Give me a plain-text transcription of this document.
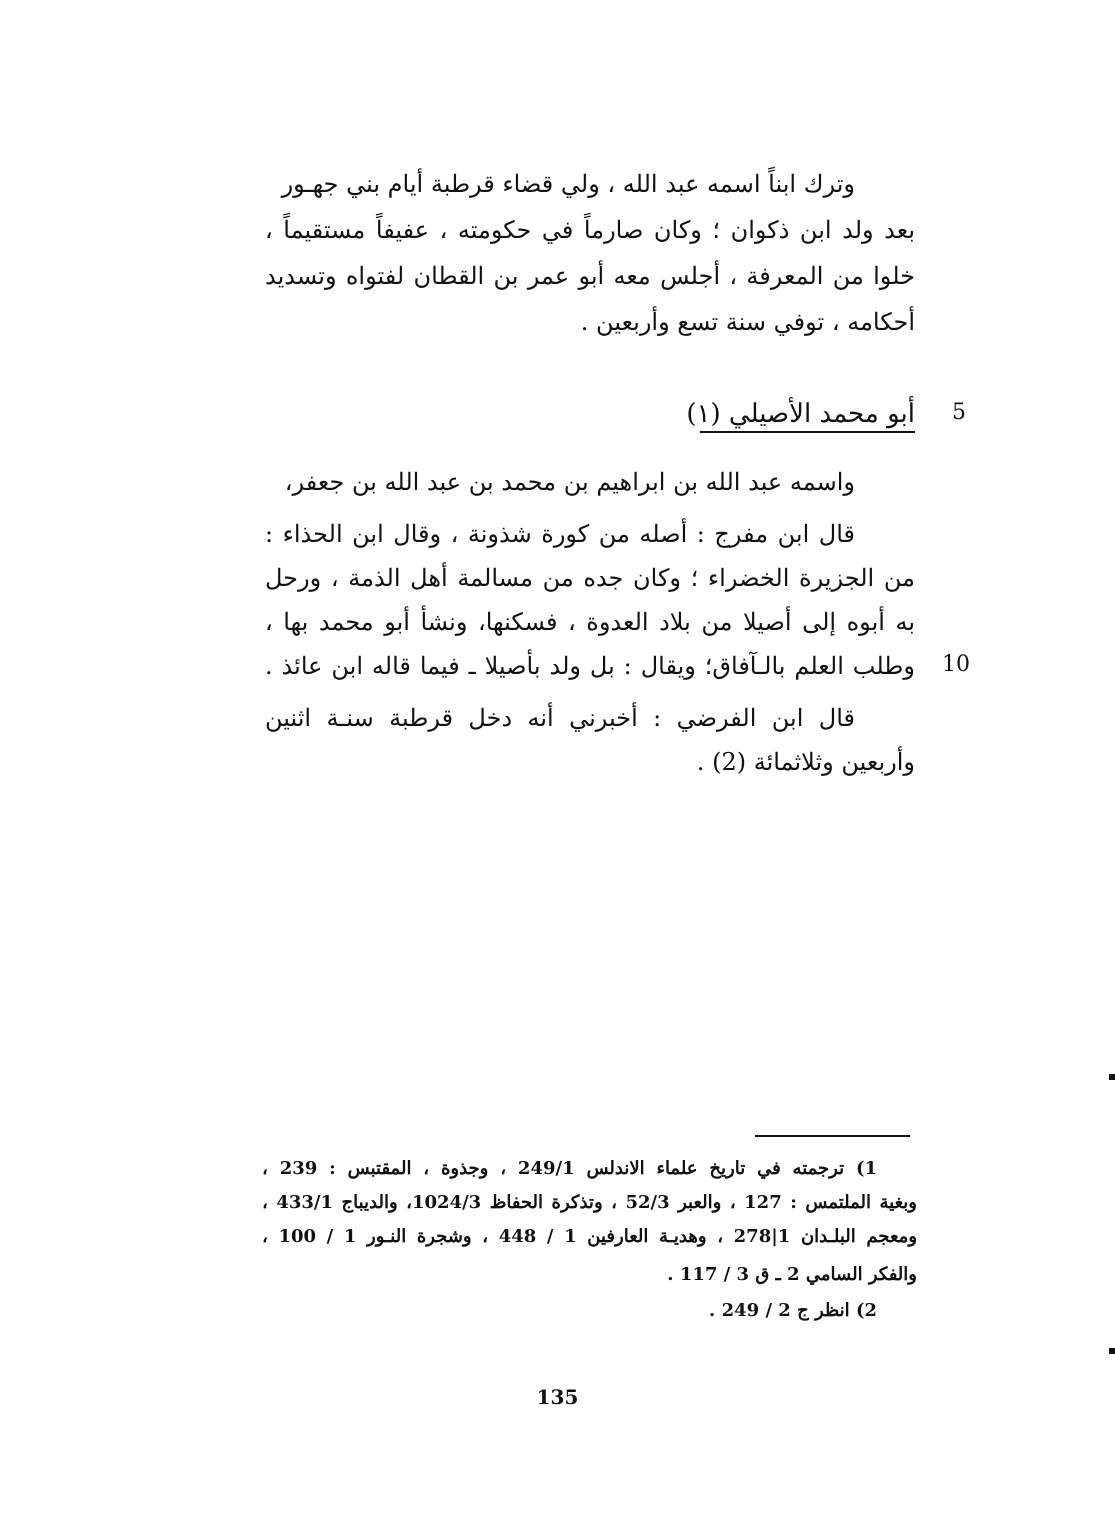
وترك ابناً اسمه عبد الله ، ولي قضاء قرطبة أيام بني جهـور
بعد ولد ابن ذكوان ؛ وكان صارماً في حكومته ، عفيفاً مستقيماً ،
خلوا من المعرفة ، أجلس معه أبو عمر بن القطان لفتواه وتسديد
أحكامه ، توفي سنة تسع وأربعين .
5
أبو محمد الأصيلي (١)
واسمه عبد الله بن ابراهيم بن محمد بن عبد الله بن جعفر،
قال ابن مفرج : أصله من كورة شذونة ، وقال ابن الحذاء :
من الجزيرة الخضراء ؛ وكان جده من مسالمة أهل الذمة ، ورحل
به أبوه إلى أصيلا من بلاد العدوة ، فسكنها، ونشأ أبو محمد بها ،
وطلب العلم بالـآفاق؛ ويقال : بل ولد بأصيلا ـ فيما قاله ابن عائذ . 10
قال ابن الفرضي : أخبرني أنه دخل قرطبة سنـة اثنين
وأربعين وثلاثمائة (2) .
1) ترجمته في تاريخ علماء الاندلس 249/1 ، وجذوة ، المقتبس : 239 ،
وبغية الملتمس : 127 ، والعبر 52/3 ، وتذكرة الحفاظ 1024/3، والديباج 433/1 ،
ومعجم البلـدان 1|278 ، وهديـة العارفين 1 / 448 ، وشجرة النـور 1 / 100 ،
والفكر السامي 2 ـ ق 3 / 117 .
2) انظر ج 2 / 249 .
135
